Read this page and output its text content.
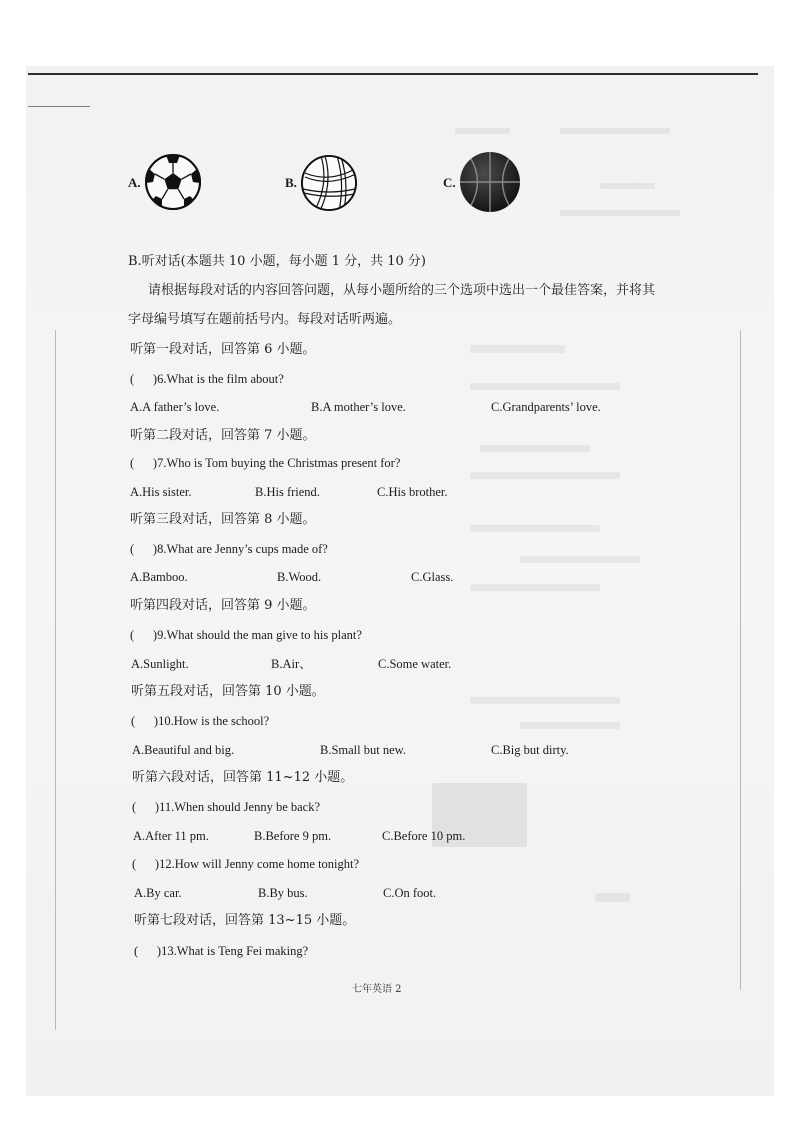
A.	B.	C.
B.听对话(本题共 10 小题，每小题 1 分，共 10 分)
请根据每段对话的内容回答问题，从每小题所给的三个选项中选出一个最佳答案，并将其
字母编号填写在题前括号内。每段对话听两遍。
听第一段对话，回答第 6 小题。
(      )6.What is the film about?
A.A father’s love.	B.A mother’s love.	C.Grandparents’ love.
听第二段对话，回答第 7 小题。
(      )7.Who is Tom buying the Christmas present for?
A.His sister.	B.His friend.	C.His brother.
听第三段对话，回答第 8 小题。
(      )8.What are Jenny’s cups made of?
A.Bamboo.	B.Wood.	C.Glass.
听第四段对话，回答第 9 小题。
(      )9.What should the man give to his plant?
A.Sunlight.	B.Air、	C.Some water.
听第五段对话，回答第 10 小题。
(      )10.How is the school?
A.Beautiful and big.	B.Small but new.	C.Big but dirty.
听第六段对话，回答第 11~12 小题。
(      )11.When should Jenny be back?
A.After 11 pm.	B.Before 9 pm.	C.Before 10 pm.
(      )12.How will Jenny come home tonight?
A.By car.	B.By bus.	C.On foot.
听第七段对话，回答第 13~15 小题。
(      )13.What is Teng Fei making?
七年英语 2
